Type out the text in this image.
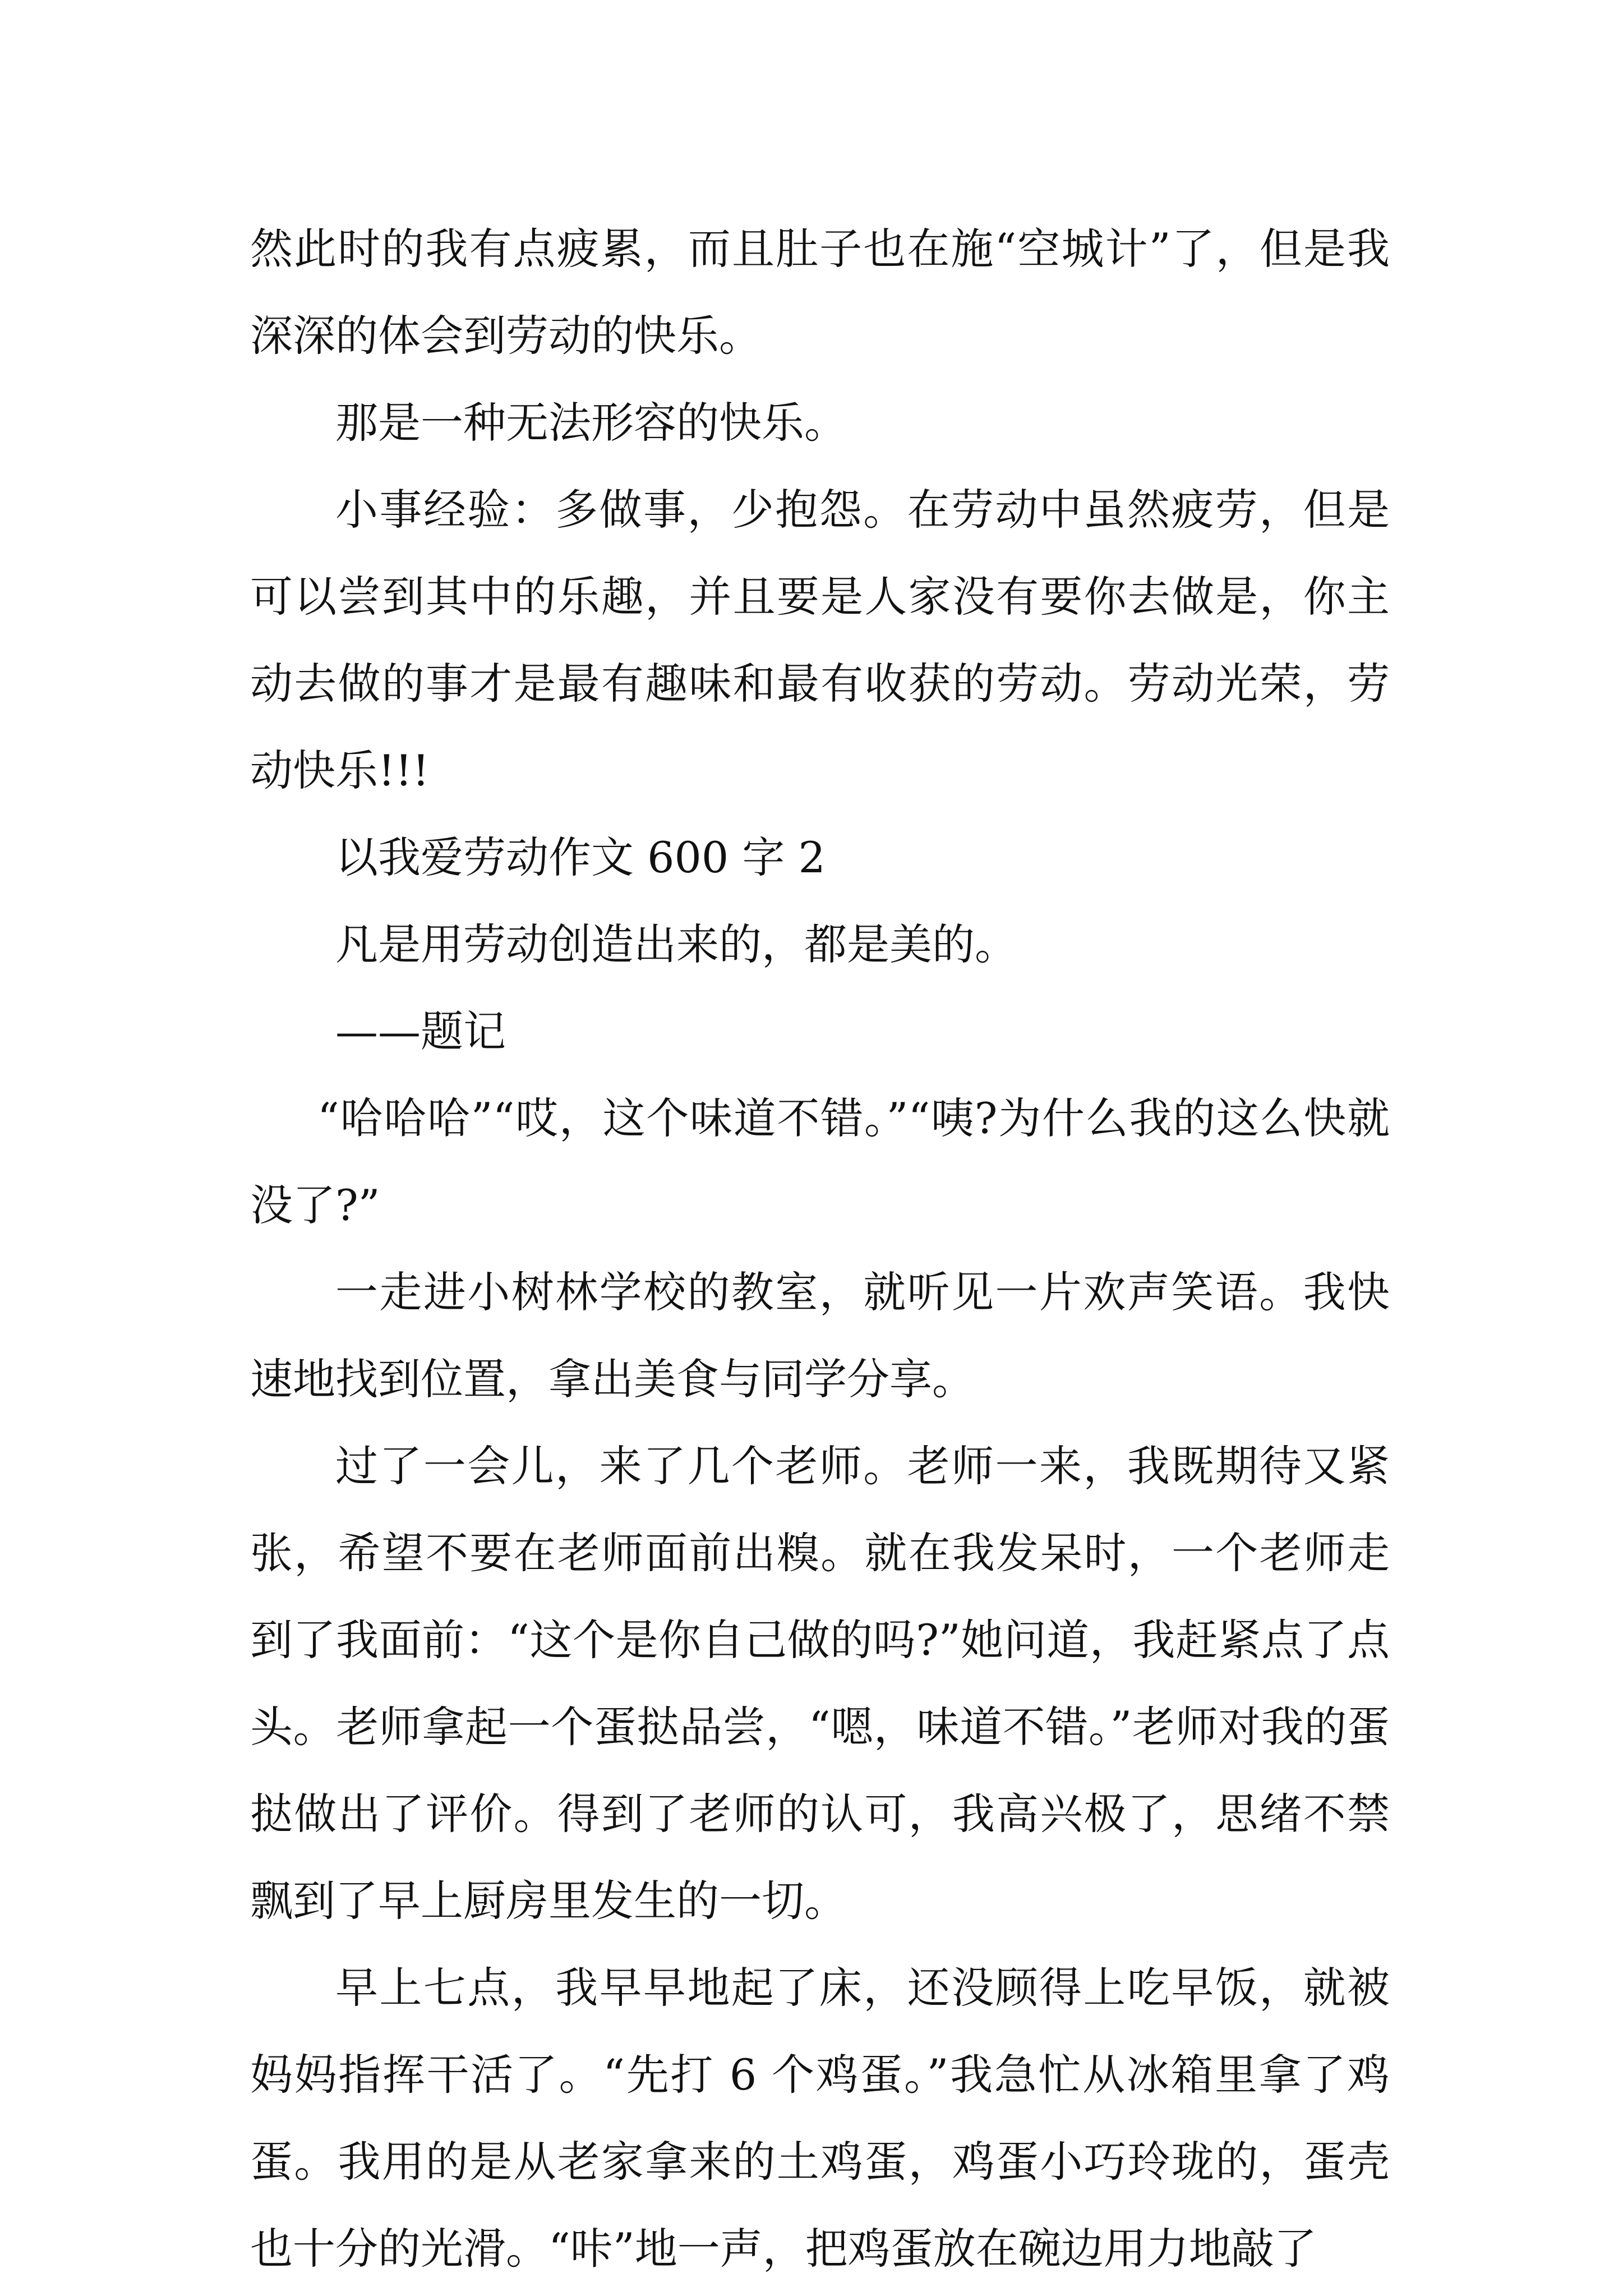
然此时的我有点疲累，而且肚子也在施“空城计”了，但是我深深的体会到劳动的快乐。

那是一种无法形容的快乐。

小事经验：多做事，少抱怨。在劳动中虽然疲劳，但是可以尝到其中的乐趣，并且要是人家没有要你去做是，你主动去做的事才是最有趣味和最有收获的劳动。劳动光荣，劳动快乐!!!

以我爱劳动作文 600 字 2

凡是用劳动创造出来的，都是美的。

——题记

“哈哈哈”“哎，这个味道不错。”“咦?为什么我的这么快就没了?”

一走进小树林学校的教室，就听见一片欢声笑语。我快速地找到位置，拿出美食与同学分享。

过了一会儿，来了几个老师。老师一来，我既期待又紧张，希望不要在老师面前出糗。就在我发呆时，一个老师走到了我面前：“这个是你自己做的吗?”她问道，我赶紧点了点头。老师拿起一个蛋挞品尝，“嗯，味道不错。”老师对我的蛋挞做出了评价。得到了老师的认可，我高兴极了，思绪不禁飘到了早上厨房里发生的一切。

早上七点，我早早地起了床，还没顾得上吃早饭，就被妈妈指挥干活了。“先打 6 个鸡蛋。”我急忙从冰箱里拿了鸡蛋。我用的是从老家拿来的土鸡蛋，鸡蛋小巧玲珑的，蛋壳也十分的光滑。“咔”地一声，把鸡蛋放在碗边用力地敲了
